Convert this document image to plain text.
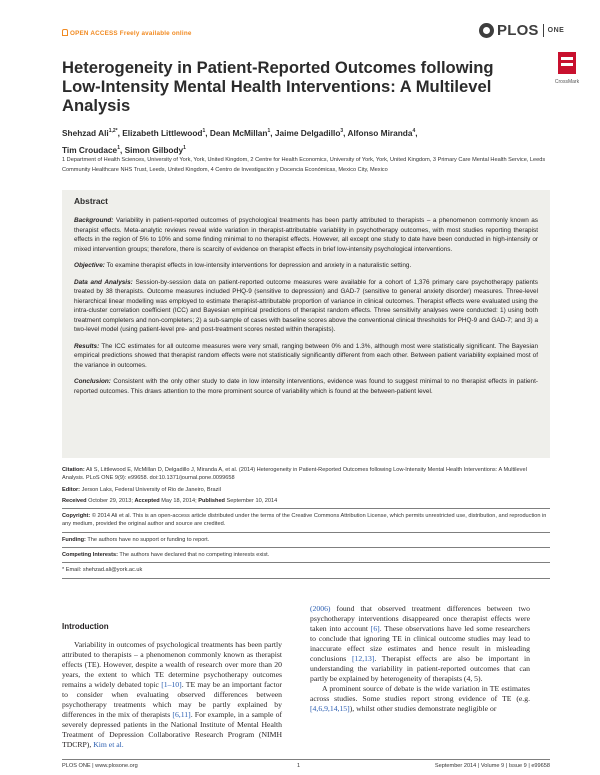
OPEN ACCESS Freely available online	PLOS ONE
Heterogeneity in Patient-Reported Outcomes following Low-Intensity Mental Health Interventions: A Multilevel Analysis
CrossMark
Shehzad Ali$^{1,2*}$, Elizabeth Littlewood$^1$, Dean McMillan$^1$, Jaime Delgadillo$^3$, Alfonso Miranda$^4$,
Tim Croudace$^1$, Simon Gilbody$^1$
1 Department of Health Sciences, University of York, York, United Kingdom, 2 Centre for Health Economics, University of York, York, United Kingdom, 3 Primary Care Mental Health Service, Leeds Community Healthcare NHS Trust, Leeds, United Kingdom, 4 Centro de Investigación y Docencia Económicas, Mexico City, Mexico
Abstract

Background: Variability in patient-reported outcomes of psychological treatments has been partly attributed to therapists – a phenomenon commonly known as therapist effects. Meta-analytic reviews reveal wide variation in therapist-attributable variability in psychotherapy outcomes, with most studies reporting therapist effects in the region of 5% to 10% and some finding minimal to no therapist effects. However, all except one study to date have been conducted in high-intensity or mixed intervention groups; therefore, there is scarcity of evidence on therapist effects in brief low-intensity psychological interventions.

Objective: To examine therapist effects in low-intensity interventions for depression and anxiety in a naturalistic setting.

Data and Analysis: Session-by-session data on patient-reported outcome measures were available for a cohort of 1,376 primary care psychotherapy patients treated by 38 therapists. Outcome measures included PHQ-9 (sensitive to depression) and GAD-7 (sensitive to general anxiety disorder) measures. Three-level hierarchical linear modelling was employed to estimate therapist-attributable proportion of variance in clinical outcomes. Therapist effects were evaluated using the intra-cluster correlation coefficient (ICC) and Bayesian empirical predictions of therapist random effects. Three sensitivity analyses were conducted: 1) using both treatment completers and non-completers; 2) a sub-sample of cases with baseline scores above the conventional clinical thresholds for PHQ-9 and GAD-7; and 3) a two-level model (using patient-level pre- and post-treatment scores nested within therapists).

Results: The ICC estimates for all outcome measures were very small, ranging between 0% and 1.3%, although most were statistically significant. The Bayesian empirical predictions showed that therapist random effects were not statistically significantly different from each other. Between patient variability explained most of the variance in outcomes.

Conclusion: Consistent with the only other study to date in low intensity interventions, evidence was found to suggest minimal to no therapist effects in patient-reported outcomes. This draws attention to the more prominent source of variability which is found at the between-patient level.

Citation: Ali S, Littlewood E, McMillan D, Delgadillo J, Miranda A, et al. (2014) Heterogeneity in Patient-Reported Outcomes following Low-Intensity Mental Health Interventions: A Multilevel Analysis. PLoS ONE 9(9): e99658. doi:10.1371/journal.pone.0099658

Editor: Jerson Laks, Federal University of Rio de Janeiro, Brazil

Received October 29, 2013; Accepted May 18, 2014; Published September 10, 2014

Copyright: © 2014 Ali et al. This is an open-access article distributed under the terms of the Creative Commons Attribution License, which permits unrestricted use, distribution, and reproduction in any medium, provided the original author and source are credited.

Funding: The authors have no support or funding to report.

Competing Interests: The authors have declared that no competing interests exist.

* Email: shehzad.ali@york.ac.uk

Introduction

Variability in outcomes of psychological treatments has been partly attributed to therapists – a phenomenon commonly known as therapist effects (TE). However, despite a wealth of research over more than 20 years, the extent to which TE determine psychotherapy outcomes remains a widely debated topic [1–10]. TE may be an important factor to consider when evaluating observed differences between psychotherapy treatments which may be partly explained by differences in the mix of therapists [6,11]. For example, in a sample of severely depressed patients in the National Institute of Mental Health Treatment of Depression Collaborative Research Program (NIMH TDCRP), Kim et al.

(2006) found that observed treatment differences between two psychotherapy interventions disappeared once therapist effects were taken into account [6]. These observations have led some researchers to conclude that ignoring TE in clinical outcome studies may lead to inaccurate effect size estimates and hence result in misleading conclusions [12,13]. Therapist effects are also be important in understanding the variability in patient-reported outcomes that can partly be explained by heterogeneity of therapists (4, 5).

A prominent source of debate is the wide variation in TE estimates across studies. Some studies report strong evidence of TE (e.g. [4,6,9,14,15]), whilst other studies demonstrate negligible or

PLOS ONE | www.plosone.org	1	September 2014 | Volume 9 | Issue 9 | e99658
